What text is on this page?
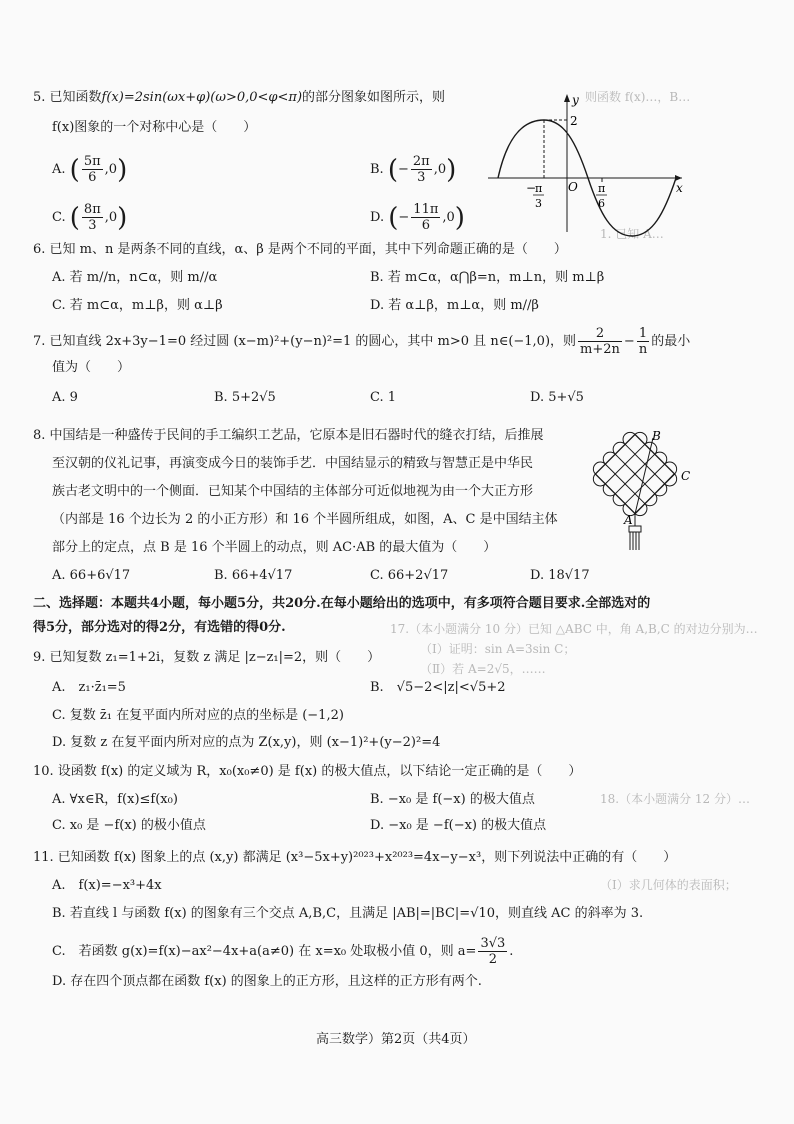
则函数 f(x)…，B…
1. 已知 A…
17.（本小题满分 10 分）已知 △ABC 中，角 A,B,C 的对边分别为…
（Ⅰ）证明：sin A=3sin C；
（Ⅱ）若 A=2√5，……
18.（本小题满分 12 分）…
（Ⅰ）求几何体的表面积；
5. 已知函数f(x)=2sin(ωx+φ)(ω>0,0<φ<π)的部分图象如图所示，则
f(x)图象的一个对称中心是（　　）
A.
( $\frac{5\pi}{6} ,0$ )	B.
( − $\frac{2\pi}{3} ,0$ )
C.
( $\frac{8\pi}{3} ,0$ )	D.
( − $\frac{11\pi}{6} ,0$ )
y
x
2
O
−
π
3
π
6
6. 已知 m、n 是两条不同的直线，α、β 是两个不同的平面，其中下列命题正确的是（　　）
A. 若 m//n，n⊂α，则 m//α	B. 若 m⊂α，α⋂β=n，m⊥n，则 m⊥β
C. 若 m⊂α，m⊥β，则 α⊥β	D. 若 α⊥β，m⊥α，则 m//β
7. 已知直线 2x+3y−1=0 经过圆 (x−m)²+(y−n)²=1 的圆心，其中 m>0 且 n∈(−1,0)，则 $\frac{2}{m+2n} - \frac{1}{n}$ 的最小
值为（　　）
A. 9	B. 5+2√5	C. 1	D. 5+√5
8. 中国结是一种盛传于民间的手工编织工艺品，它原本是旧石器时代的缝衣打结，后推展
至汉朝的仪礼记事，再演变成今日的装饰手艺．中国结显示的精致与智慧正是中华民
族古老文明中的一个侧面．已知某个中国结的主体部分可近似地视为由一个大正方形
（内部是 16 个边长为 2 的小正方形）和 16 个半圆所组成，如图，A、C 是中国结主体
部分上的定点，点 B 是 16 个半圆上的动点，则 AC·AB 的最大值为（　　）
A. 66+6√17	B. 66+4√17	C. 66+2√17	D. 18√17
A
B
C
二、选择题：本题共4小题，每小题5分，共20分.在每小题给出的选项中，有多项符合题目要求.全部选对的
得5分，部分选对的得2分，有选错的得0分.
9. 已知复数 z₁=1+2i，复数 z 满足 |z−z₁|=2，则（　　）
A.　z₁·z̄₁=5	B.　√5−2<|z|<√5+2
C. 复数 z̄₁ 在复平面内所对应的点的坐标是 (−1,2)
D. 复数 z 在复平面内所对应的点为 Z(x,y)，则 (x−1)²+(y−2)²=4
10. 设函数 f(x) 的定义域为 R，x₀(x₀≠0) 是 f(x) 的极大值点，以下结论一定正确的是（　　）
A. ∀x∈R，f(x)≤f(x₀)	B. −x₀ 是 f(−x) 的极大值点
C. x₀ 是 −f(x) 的极小值点	D. −x₀ 是 −f(−x) 的极大值点
11. 已知函数 f(x) 图象上的点 (x,y) 都满足 (x³−5x+y)²⁰²³+x²⁰²³=4x−y−x³，则下列说法中正确的有（　　）
A.　f(x)=−x³+4x
B. 若直线 l 与函数 f(x) 的图象有三个交点 A,B,C，且满足 |AB|=|BC|=√10，则直线 AC 的斜率为 3.
C.　若函数 g(x)=f(x)−ax²−4x+a(a≠0) 在 x=x₀ 处取极小值 0，则 $a= \frac{3√3}{2}$ .
D. 存在四个顶点都在函数 f(x) 的图象上的正方形，且这样的正方形有两个.
高三数学）第2页（共4页）
